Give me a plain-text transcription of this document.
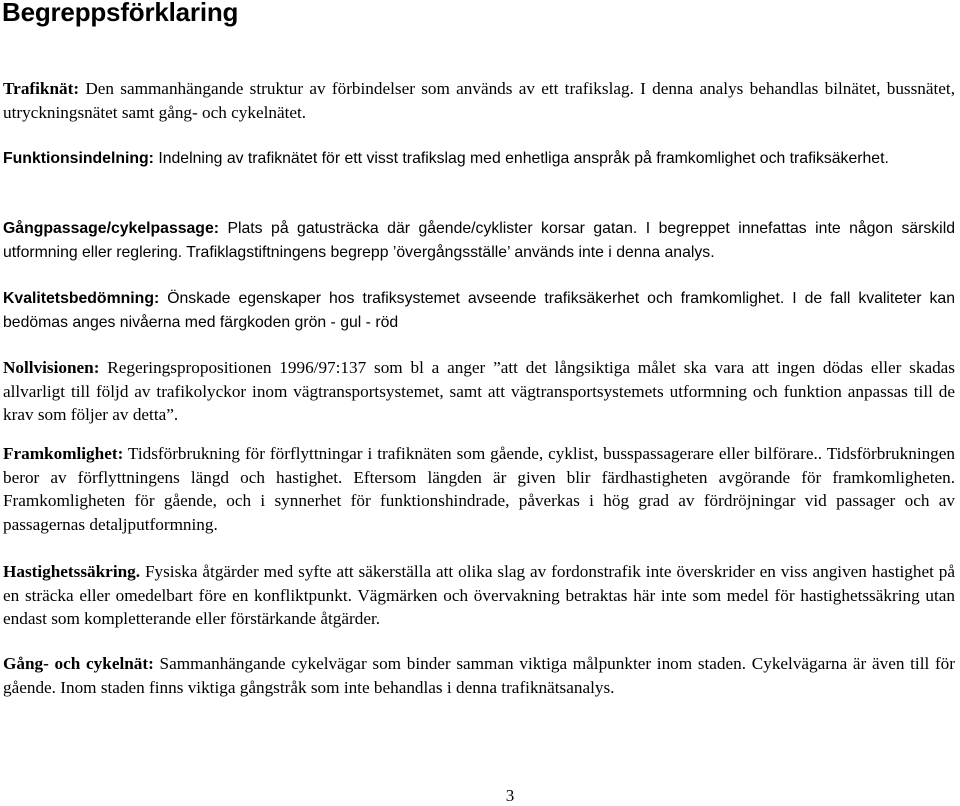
Begreppsförklaring

Trafiknät: Den sammanhängande struktur av förbindelser som används av ett trafikslag. I denna analys behandlas bilnätet, bussnätet, utryckningsnätet samt gång- och cykelnätet.

Funktionsindelning: Indelning av trafiknätet för ett visst trafikslag med enhetliga anspråk på framkomlighet och trafiksäkerhet.

Gångpassage/cykelpassage: Plats på gatusträcka där gående/cyklister korsar gatan. I begreppet innefattas inte någon särskild utformning eller reglering. Trafiklagstiftningens begrepp ’övergångsställe’ används inte i denna analys.

Kvalitetsbedömning: Önskade egenskaper hos trafiksystemet avseende trafiksäkerhet och framkomlighet. I de fall kvaliteter kan bedömas anges nivåerna med färgkoden grön - gul - röd

Nollvisionen: Regeringspropositionen 1996/97:137 som bl a anger ”att det långsiktiga målet ska vara att ingen dödas eller skadas allvarligt till följd av trafikolyckor inom vägtransportsystemet, samt att vägtransportsystemets utformning och funktion anpassas till de krav som följer av detta”.

Framkomlighet: Tidsförbrukning för förflyttningar i trafiknäten som gående, cyklist, busspassagerare eller bilförare.. Tidsförbrukningen beror av förflyttningens längd och hastighet. Eftersom längden är given blir färdhastigheten avgörande för framkomligheten. Framkomligheten för gående, och i synnerhet för funktionshindrade, påverkas i hög grad av fördröjningar vid passager och av passagernas detaljputformning.

Hastighetssäkring. Fysiska åtgärder med syfte att säkerställa att olika slag av fordonstrafik inte överskrider en viss angiven hastighet på en sträcka eller omedelbart före en konfliktpunkt. Vägmärken och övervakning betraktas här inte som medel för hastighetssäkring utan endast som kompletterande eller förstärkande åtgärder.

Gång- och cykelnät: Sammanhängande cykelvägar som binder samman viktiga målpunkter inom staden. Cykelvägarna är även till för gående. Inom staden finns viktiga gångstråk som inte behandlas i denna trafiknätsanalys.

3
